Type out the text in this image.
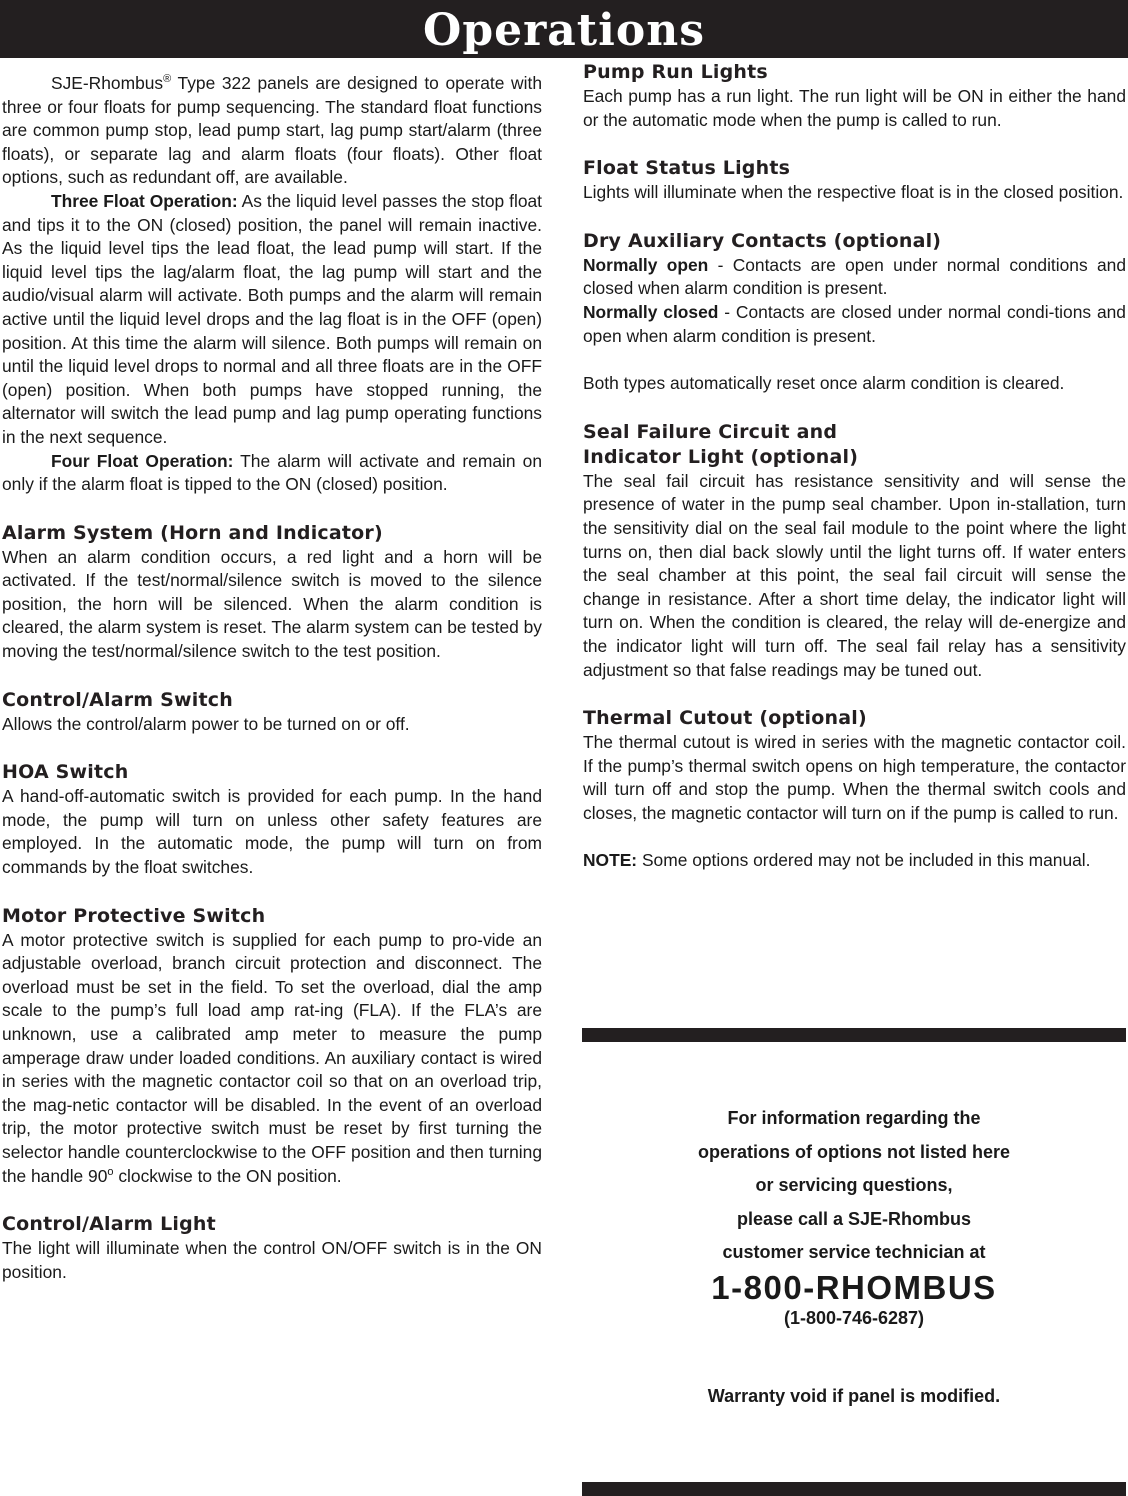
Operations

SJE-Rhombus® Type 322 panels are designed to operate with three or four floats for pump sequencing. The standard float functions are common pump stop, lead pump start, lag pump start/alarm (three floats), or separate lag and alarm floats (four floats). Other float options, such as redundant off, are available.

Three Float Operation: As the liquid level passes the stop float and tips it to the ON (closed) position, the panel will remain inactive. As the liquid level tips the lead float, the lead pump will start. If the liquid level tips the lag/alarm float, the lag pump will start and the audio/visual alarm will activate. Both pumps and the alarm will remain active until the liquid level drops and the lag float is in the OFF (open) position. At this time the alarm will silence. Both pumps will remain on until the liquid level drops to normal and all three floats are in the OFF (open) position. When both pumps have stopped running, the alternator will switch the lead pump and lag pump operating functions in the next sequence.

Four Float Operation: The alarm will activate and remain on only if the alarm float is tipped to the ON (closed) position.

Alarm System (Horn and Indicator)

When an alarm condition occurs, a red light and a horn will be activated. If the test/normal/silence switch is moved to the silence position, the horn will be silenced. When the alarm condition is cleared, the alarm system is reset. The alarm system can be tested by moving the test/normal/silence switch to the test position.

Control/Alarm Switch

Allows the control/alarm power to be turned on or off.

HOA Switch

A hand-off-automatic switch is provided for each pump. In the hand mode, the pump will turn on unless other safety features are employed. In the automatic mode, the pump will turn on from commands by the float switches.

Motor Protective Switch

A motor protective switch is supplied for each pump to pro-vide an adjustable overload, branch circuit protection and disconnect. The overload must be set in the field. To set the overload, dial the amp scale to the pump’s full load amp rat-ing (FLA). If the FLA’s are unknown, use a calibrated amp meter to measure the pump amperage draw under loaded conditions. An auxiliary contact is wired in series with the magnetic contactor coil so that on an overload trip, the mag-netic contactor will be disabled. In the event of an overload trip, the motor protective switch must be reset by first turning the selector handle counterclockwise to the OFF position and then turning the handle 90$^o$ clockwise to the ON position.

Control/Alarm Light

The light will illuminate when the control ON/OFF switch is in the ON position.

Pump Run Lights

Each pump has a run light. The run light will be ON in either the hand or the automatic mode when the pump is called to run.

Float Status Lights

Lights will illuminate when the respective float is in the closed position.

Dry Auxiliary Contacts (optional)

Normally open - Contacts are open under normal conditions and closed when alarm condition is present.

Normally closed - Contacts are closed under normal condi-tions and open when alarm condition is present.

Both types automatically reset once alarm condition is cleared.

Seal Failure Circuit and
Indicator Light (optional)

The seal fail circuit has resistance sensitivity and will sense the presence of water in the pump seal chamber. Upon in-stallation, turn the sensitivity dial on the seal fail module to the point where the light turns on, then dial back slowly until the light turns off. If water enters the seal chamber at this point, the seal fail circuit will sense the change in resistance. After a short time delay, the indicator light will turn on. When the condition is cleared, the relay will de-energize and the indicator light will turn off. The seal fail relay has a sensitivity adjustment so that false readings may be tuned out.

Thermal Cutout (optional)

The thermal cutout is wired in series with the magnetic contactor coil. If the pump’s thermal switch opens on high temperature, the contactor will turn off and stop the pump. When the thermal switch cools and closes, the magnetic contactor will turn on if the pump is called to run.

NOTE: Some options ordered may not be included in this manual.

For information regarding the
operations of options not listed here
or servicing questions,
please call a SJE-Rhombus
customer service technician at
1-800-RHOMBUS
(1-800-746-6287)
Warranty void if panel is modified.
